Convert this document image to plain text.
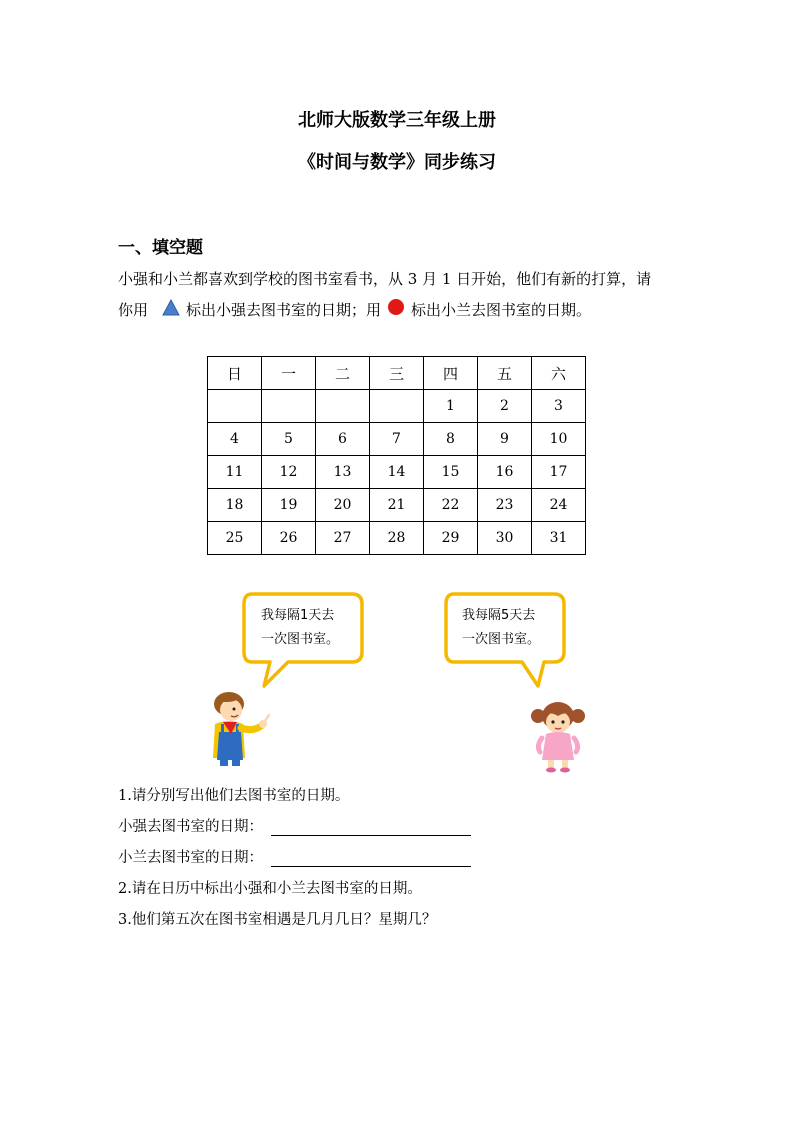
北师大版数学三年级上册
《时间与数学》同步练习
一、填空题
小强和小兰都喜欢到学校的图书室看书，从 3 月 1 日开始，他们有新的打算，请
你用	标出小强去图书室的日期；用 标出小兰去图书室的日期。
日	一	二	三	四	五	六
				1	2	3
4	5	6	7	8	9	10
11	12	13	14	15	16	17
18	19	20	21	22	23	24
25	26	27	28	29	30	31
我每隔1天去
一次图书室。
我每隔5天去
一次图书室。
1.请分别写出他们去图书室的日期。
小强去图书室的日期：
小兰去图书室的日期：
2.请在日历中标出小强和小兰去图书室的日期。
3.他们第五次在图书室相遇是几月几日？星期几？
